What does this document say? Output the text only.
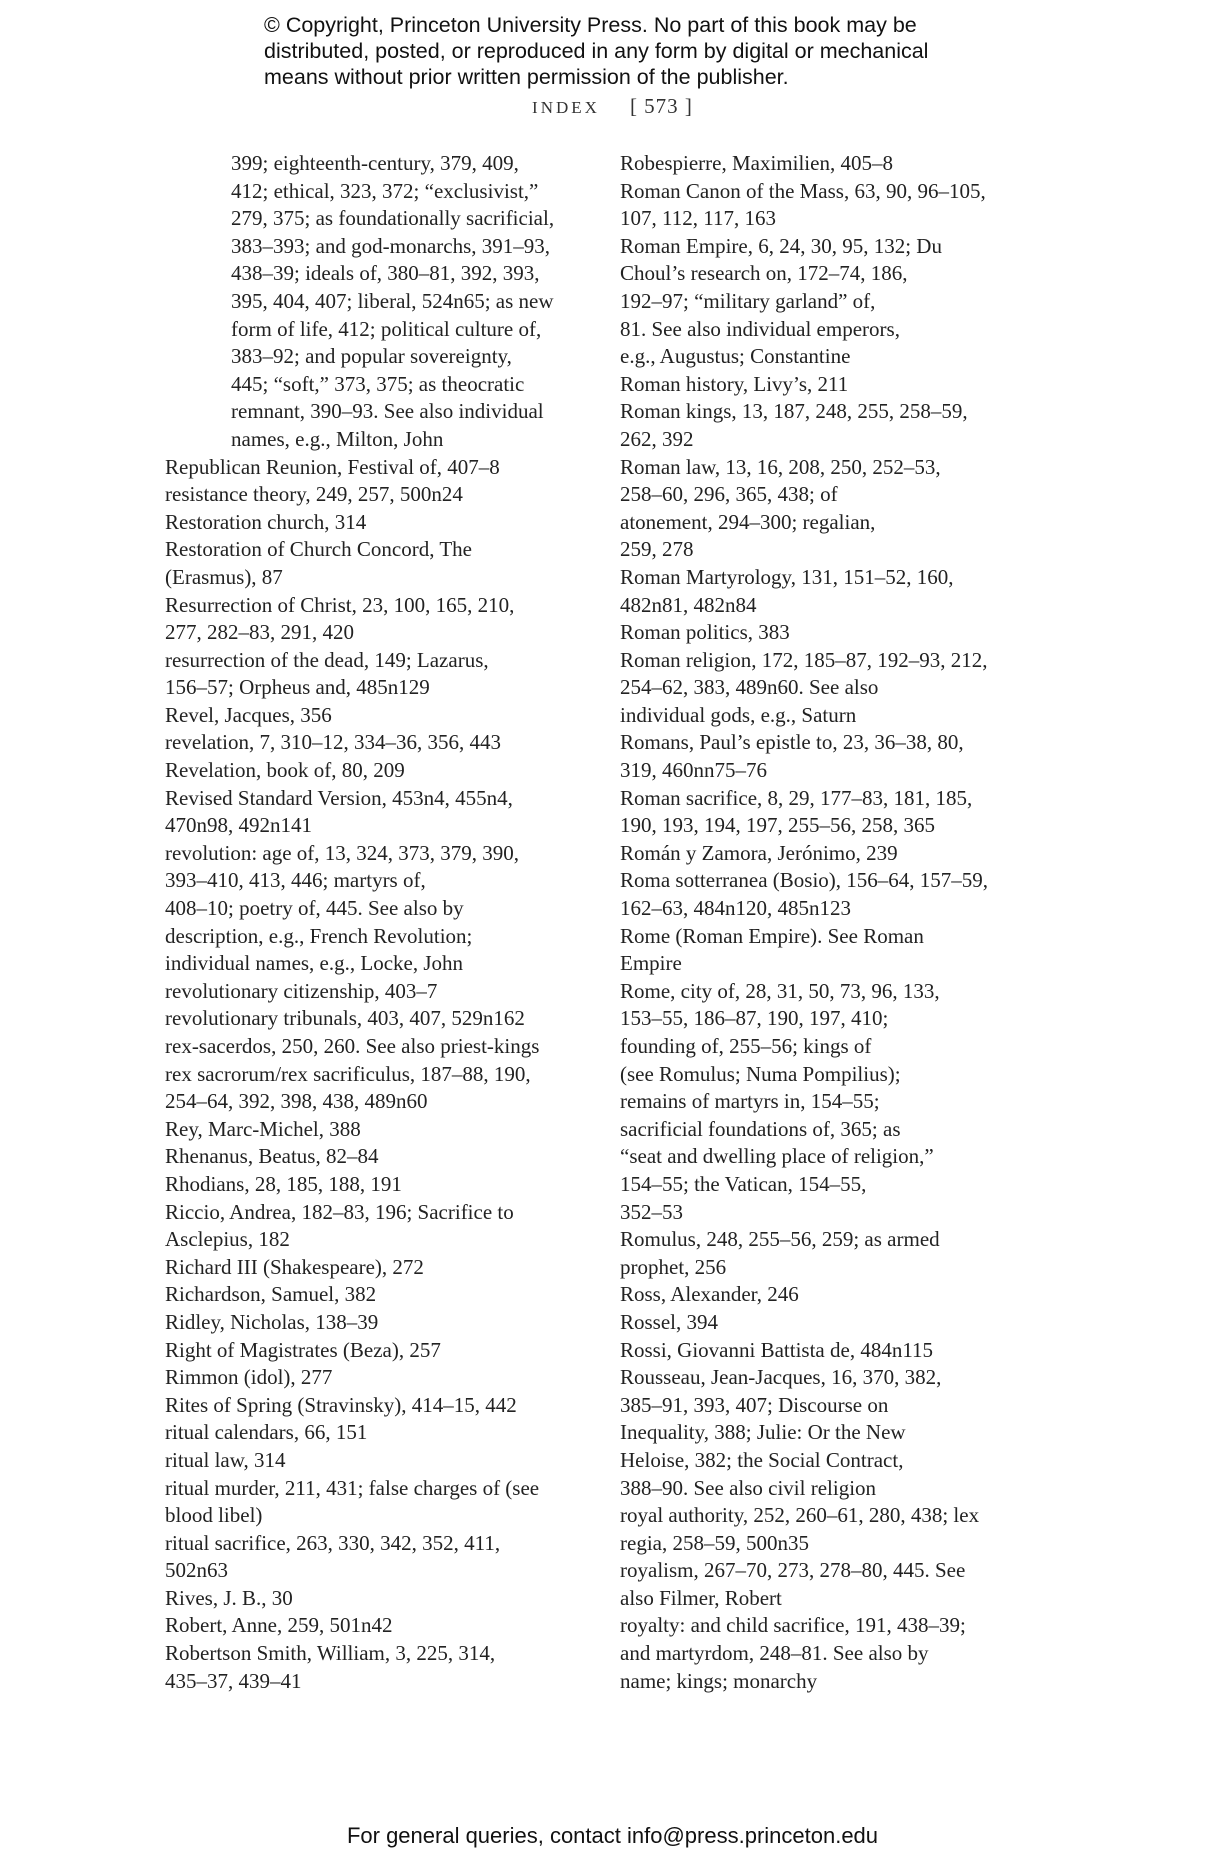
© Copyright, Princeton University Press. No part of this book may be
distributed, posted, or reproduced in any form by digital or mechanical
means without prior written permission of the publisher.
INDEX [ 573 ]
399; eighteenth-century, 379, 409,
412; ethical, 323, 372; “exclusivist,”
279, 375; as foundationally sacrificial,
383–393; and god-monarchs, 391–93,
438–39; ideals of, 380–81, 392, 393,
395, 404, 407; liberal, 524n65; as new
form of life, 412; political culture of,
383–92; and popular sovereignty,
445; “soft,” 373, 375; as theocratic
remnant, 390–93. See also individual
names, e.g., Milton, John
Republican Reunion, Festival of, 407–8
resistance theory, 249, 257, 500n24
Restoration church, 314
Restoration of Church Concord, The
(Erasmus), 87
Resurrection of Christ, 23, 100, 165, 210,
277, 282–83, 291, 420
resurrection of the dead, 149; Lazarus,
156–57; Orpheus and, 485n129
Revel, Jacques, 356
revelation, 7, 310–12, 334–36, 356, 443
Revelation, book of, 80, 209
Revised Standard Version, 453n4, 455n4,
470n98, 492n141
revolution: age of, 13, 324, 373, 379, 390,
393–410, 413, 446; martyrs of,
408–10; poetry of, 445. See also by
description, e.g., French Revolution;
individual names, e.g., Locke, John
revolutionary citizenship, 403–7
revolutionary tribunals, 403, 407, 529n162
rex-sacerdos, 250, 260. See also priest-kings
rex sacrorum/rex sacrificulus, 187–88, 190,
254–64, 392, 398, 438, 489n60
Rey, Marc-Michel, 388
Rhenanus, Beatus, 82–84
Rhodians, 28, 185, 188, 191
Riccio, Andrea, 182–83, 196; Sacrifice to
Asclepius, 182
Richard III (Shakespeare), 272
Richardson, Samuel, 382
Ridley, Nicholas, 138–39
Right of Magistrates (Beza), 257
Rimmon (idol), 277
Rites of Spring (Stravinsky), 414–15, 442
ritual calendars, 66, 151
ritual law, 314
ritual murder, 211, 431; false charges of (see
blood libel)
ritual sacrifice, 263, 330, 342, 352, 411,
502n63
Rives, J. B., 30
Robert, Anne, 259, 501n42
Robertson Smith, William, 3, 225, 314,
435–37, 439–41
Robespierre, Maximilien, 405–8
Roman Canon of the Mass, 63, 90, 96–105,
107, 112, 117, 163
Roman Empire, 6, 24, 30, 95, 132; Du
Choul’s research on, 172–74, 186,
192–97; “military garland” of,
81. See also individual emperors,
e.g., Augustus; Constantine
Roman history, Livy’s, 211
Roman kings, 13, 187, 248, 255, 258–59,
262, 392
Roman law, 13, 16, 208, 250, 252–53,
258–60, 296, 365, 438; of
atonement, 294–300; regalian,
259, 278
Roman Martyrology, 131, 151–52, 160,
482n81, 482n84
Roman politics, 383
Roman religion, 172, 185–87, 192–93, 212,
254–62, 383, 489n60. See also
individual gods, e.g., Saturn
Romans, Paul’s epistle to, 23, 36–38, 80,
319, 460nn75–76
Roman sacrifice, 8, 29, 177–83, 181, 185,
190, 193, 194, 197, 255–56, 258, 365
Román y Zamora, Jerónimo, 239
Roma sotterranea (Bosio), 156–64, 157–59,
162–63, 484n120, 485n123
Rome (Roman Empire). See Roman
Empire
Rome, city of, 28, 31, 50, 73, 96, 133,
153–55, 186–87, 190, 197, 410;
founding of, 255–56; kings of
(see Romulus; Numa Pompilius);
remains of martyrs in, 154–55;
sacrificial foundations of, 365; as
“seat and dwelling place of religion,”
154–55; the Vatican, 154–55,
352–53
Romulus, 248, 255–56, 259; as armed
prophet, 256
Ross, Alexander, 246
Rossel, 394
Rossi, Giovanni Battista de, 484n115
Rousseau, Jean-Jacques, 16, 370, 382,
385–91, 393, 407; Discourse on
Inequality, 388; Julie: Or the New
Heloise, 382; the Social Contract,
388–90. See also civil religion
royal authority, 252, 260–61, 280, 438; lex
regia, 258–59, 500n35
royalism, 267–70, 273, 278–80, 445. See
also Filmer, Robert
royalty: and child sacrifice, 191, 438–39;
and martyrdom, 248–81. See also by
name; kings; monarchy
For general queries, contact info@press.princeton.edu
